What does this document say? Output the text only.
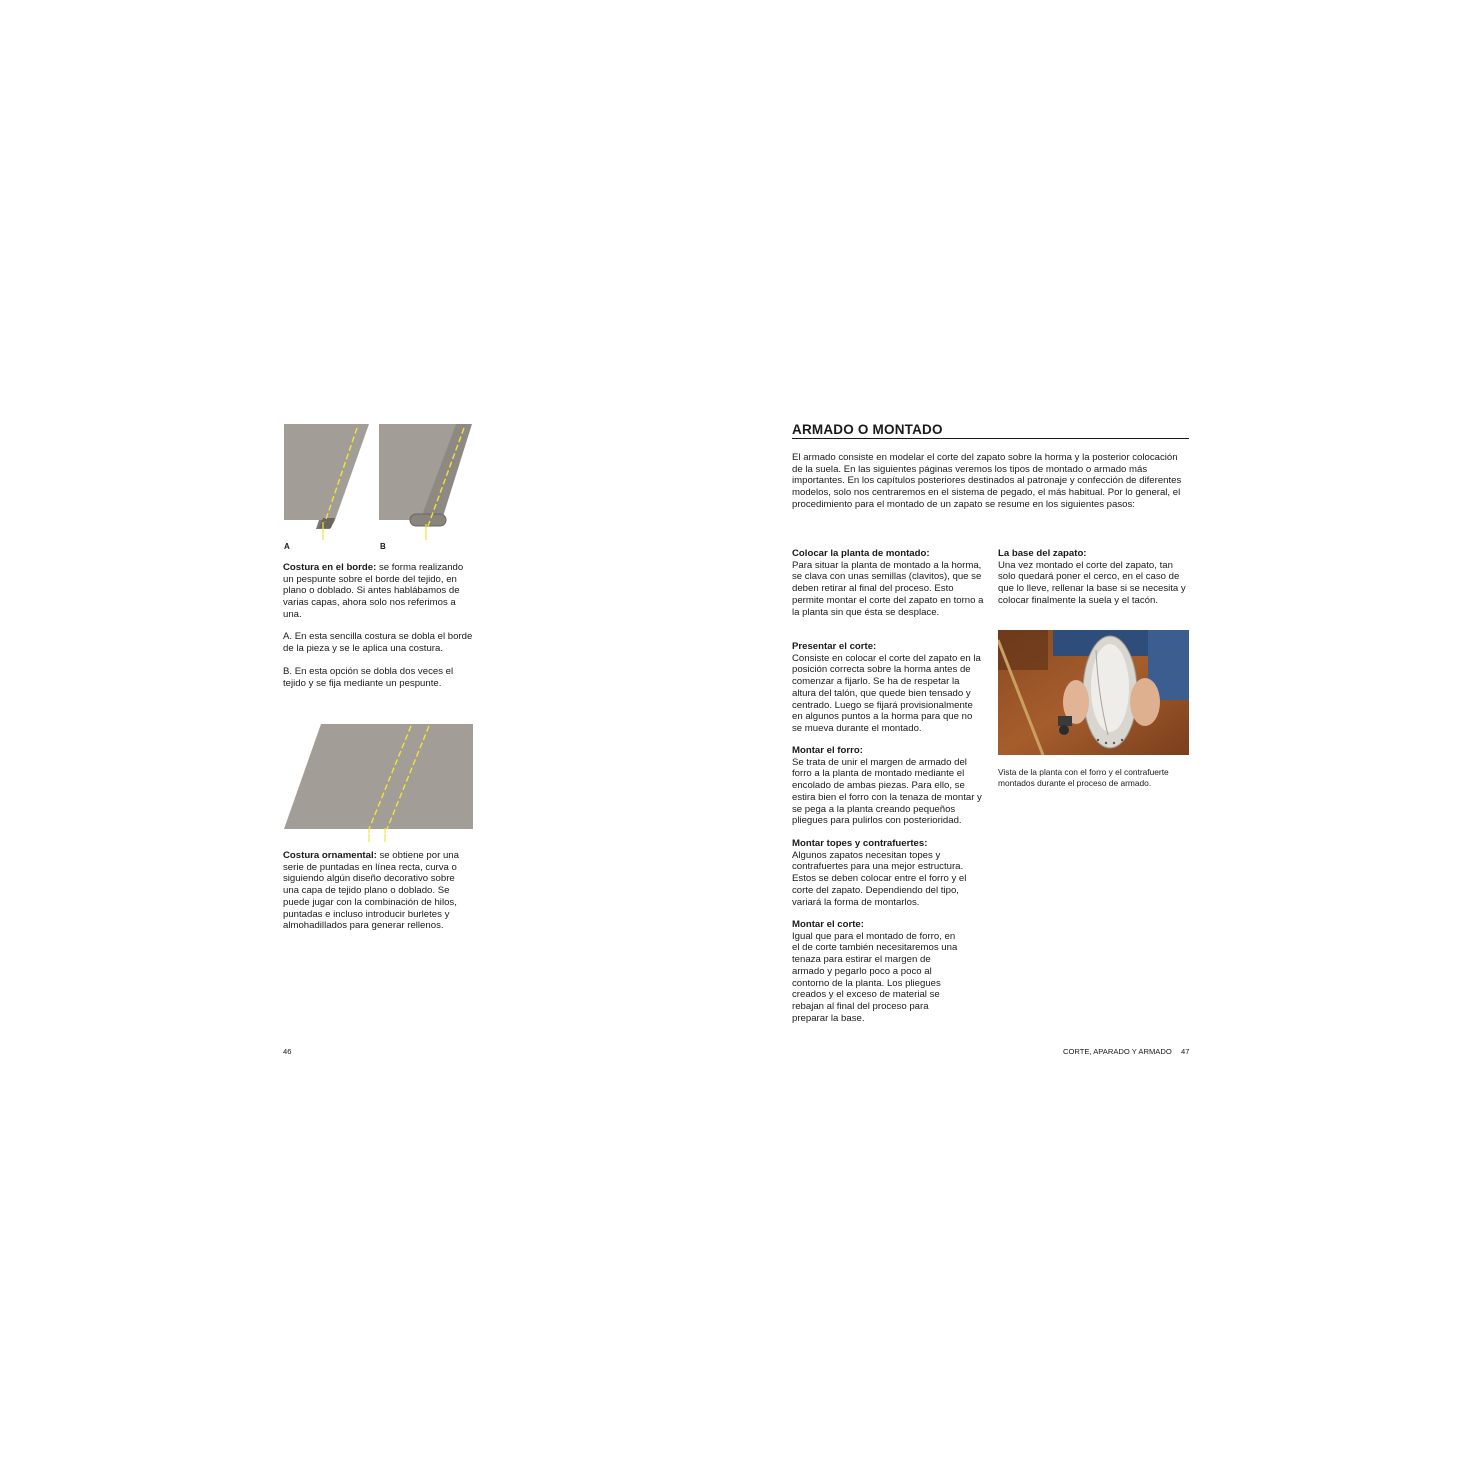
A	B

Costura en el borde: se forma realizando un pespunte sobre el borde del tejido, en plano o doblado. Si antes hablábamos de varias capas, ahora solo nos referimos a una.

A. En esta sencilla costura se dobla el borde de la pieza y se le aplica una costura.

B. En esta opción se dobla dos veces el tejido y se fija mediante un pespunte.

Costura ornamental: se obtiene por una serie de puntadas en línea recta, curva o siguiendo algún diseño decorativo sobre una capa de tejido plano o doblado. Se puede jugar con la combinación de hilos, puntadas e incluso introducir burletes y almohadillados para generar rellenos.

46
ARMADO O MONTADO

El armado consiste en modelar el corte del zapato sobre la horma y la posterior colocación de la suela. En las siguientes páginas veremos los tipos de montado o armado más importantes. En los capítulos posteriores destinados al patronaje y confección de diferentes modelos, solo nos centraremos en el sistema de pegado, el más habitual. Por lo general, el procedimiento para el montado de un zapato se resume en los siguientes pasos:

Colocar la planta de montado:
Para situar la planta de montado a la horma, se clava con unas semillas (clavitos), que se deben retirar al final del proceso. Esto permite montar el corte del zapato en torno a la planta sin que ésta se desplace.
Presentar el corte:
Consiste en colocar el corte del zapato en la posición correcta sobre la horma antes de comenzar a fijarlo. Se ha de respetar la altura del talón, que quede bien tensado y centrado. Luego se fijará provisionalmente en algunos puntos a la horma para que no se mueva durante el montado.
Montar el forro:
Se trata de unir el margen de armado del forro a la planta de montado mediante el encolado de ambas piezas. Para ello, se estira bien el forro con la tenaza de montar y se pega a la planta creando pequeños pliegues para pulirlos con posterioridad.
Montar topes y contrafuertes:
Algunos zapatos necesitan topes y contrafuertes para una mejor estructura. Estos se deben colocar entre el forro y el corte del zapato. Dependiendo del tipo, variará la forma de montarlos.
Montar el corte:
Igual que para el montado de forro, en el de corte también necesitaremos una tenaza para estirar el margen de armado y pegarlo poco a poco al contorno de la planta. Los pliegues creados y el exceso de material se rebajan al final del proceso para preparar la base.
La base del zapato:
Una vez montado el corte del zapato, tan solo quedará poner el cerco, en el caso de que lo lleve, rellenar la base si se necesita y colocar finalmente la suela y el tacón.

Vista de la planta con el forro y el contrafuerte montados durante el proceso de armado.

CORTE, APARADO Y ARMADO 47
